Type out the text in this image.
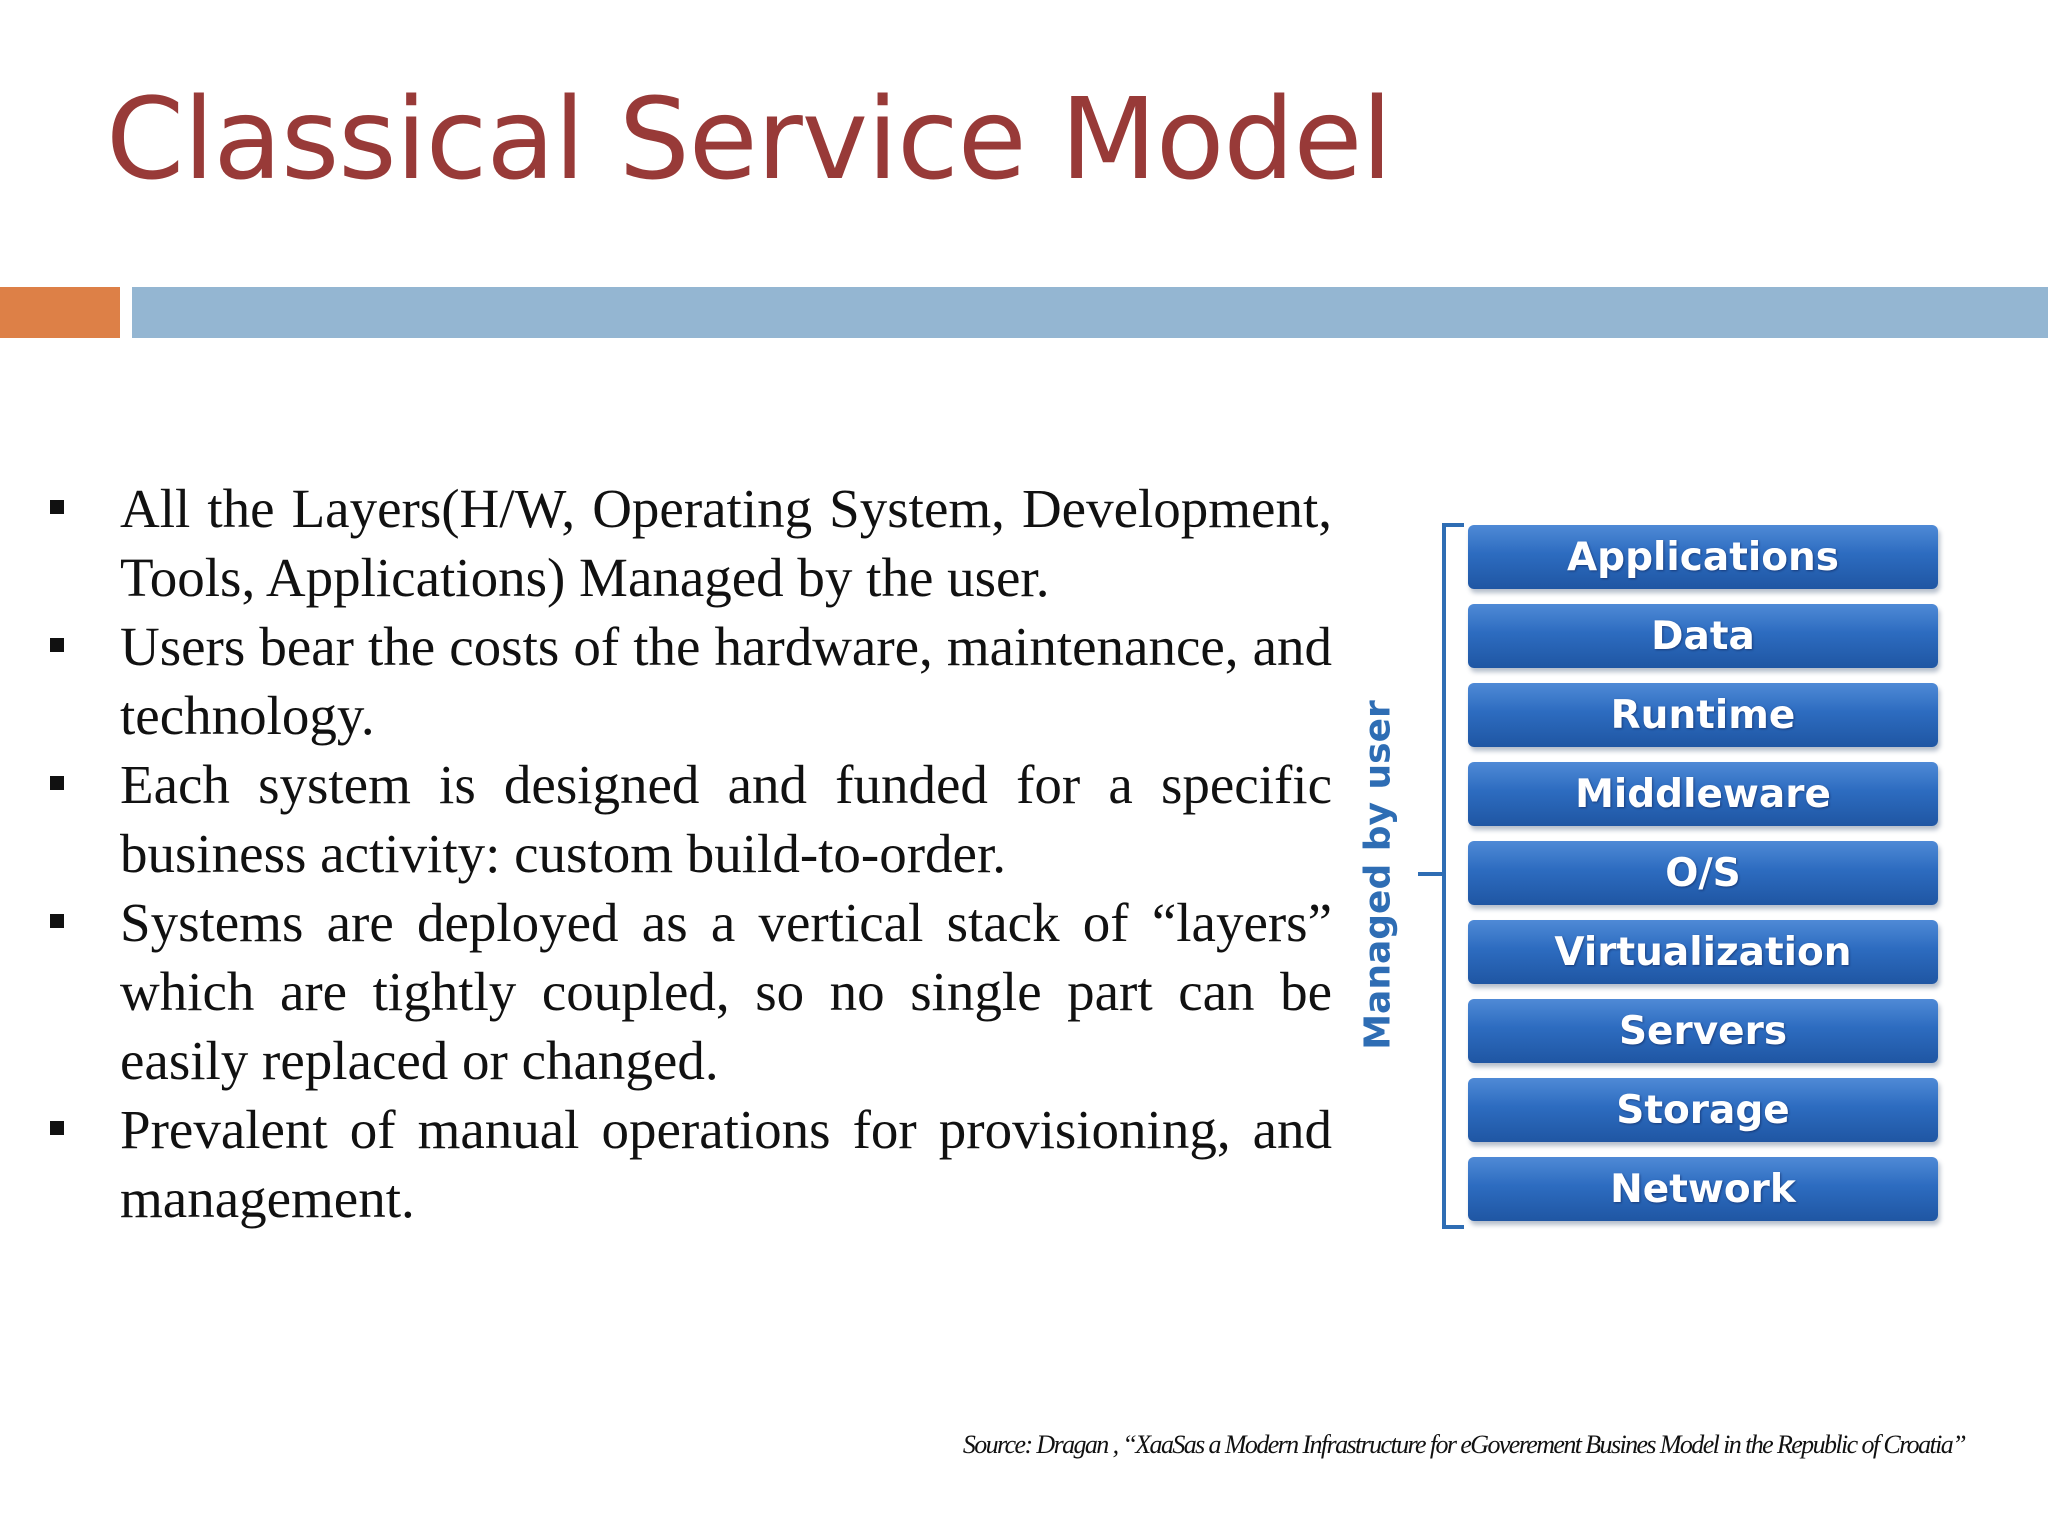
Classical Service Model
All the Layers(H/W, Operating System, Development, Tools, Applications) Managed by the user.
Users bear the costs of the hardware, maintenance, and technology.
Each system is designed and funded for a specific business activity: custom build-to-order.
Systems are deployed as a vertical stack of “layers” which are tightly coupled, so no single part can be easily replaced or changed.
Prevalent of manual operations for provisioning, and management.
Managed by user
Applications
Data
Runtime
Middleware
O/S
Virtualization
Servers
Storage
Network
Source: Dragan , “XaaSas a Modern Infrastructure for eGoverement Busines Model in the Republic of Croatia”
